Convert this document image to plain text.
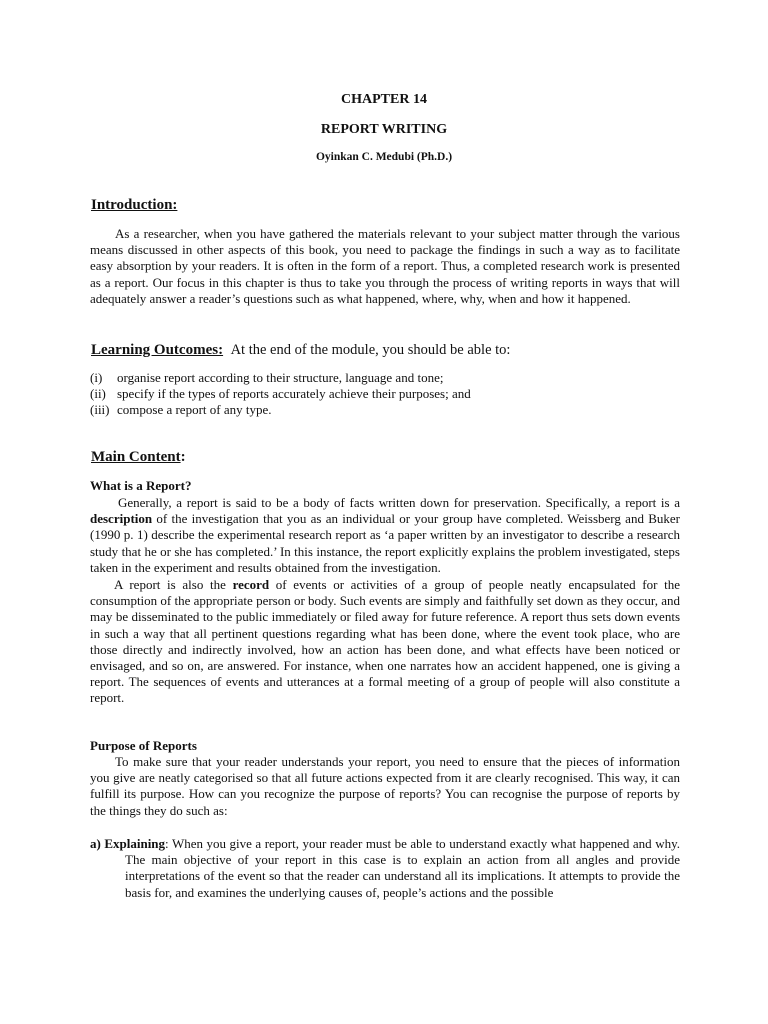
CHAPTER 14
REPORT WRITING
Oyinkan C. Medubi (Ph.D.)
Introduction:

As a researcher, when you have gathered the materials relevant to your subject matter through the various means discussed in other aspects of this book, you need to package the findings in such a way as to facilitate easy absorption by your readers. It is often in the form of a report. Thus, a completed research work is presented as a report. Our focus in this chapter is thus to take you through the process of writing reports in ways that will adequately answer a reader’s questions such as what happened, where, why, when and how it happened.

Learning Outcomes: At the end of the module, you should be able to:
(i) organise report according to their structure, language and tone;
(ii) specify if the types of reports accurately achieve their purposes; and
(iii) compose a report of any type.
Main Content:
What is a Report?

Generally, a report is said to be a body of facts written down for preservation. Specifically, a report is a description of the investigation that you as an individual or your group have completed. Weissberg and Buker (1990 p. 1) describe the experimental research report as ‘a paper written by an investigator to describe a research study that he or she has completed.’ In this instance, the report explicitly explains the problem investigated, steps taken in the experiment and results obtained from the investigation.

A report is also the record of events or activities of a group of people neatly encapsulated for the consumption of the appropriate person or body. Such events are simply and faithfully set down as they occur, and may be disseminated to the public immediately or filed away for future reference. A report thus sets down events in such a way that all pertinent questions regarding what has been done, where the event took place, who are those directly and indirectly involved, how an action has been done, and what effects have been noticed or envisaged, and so on, are answered. For instance, when one narrates how an accident happened, one is giving a report. The sequences of events and utterances at a formal meeting of a group of people will also constitute a report.

Purpose of Reports

To make sure that your reader understands your report, you need to ensure that the pieces of information you give are neatly categorised so that all future actions expected from it are clearly recognised. This way, it can fulfill its purpose. How can you recognize the purpose of reports? You can recognise the purpose of reports by the things they do such as:

a) Explaining: When you give a report, your reader must be able to understand exactly what happened and why. The main objective of your report in this case is to explain an action from all angles and provide interpretations of the event so that the reader can understand all its implications. It attempts to provide the basis for, and examines the underlying causes of, people’s actions and the possible
